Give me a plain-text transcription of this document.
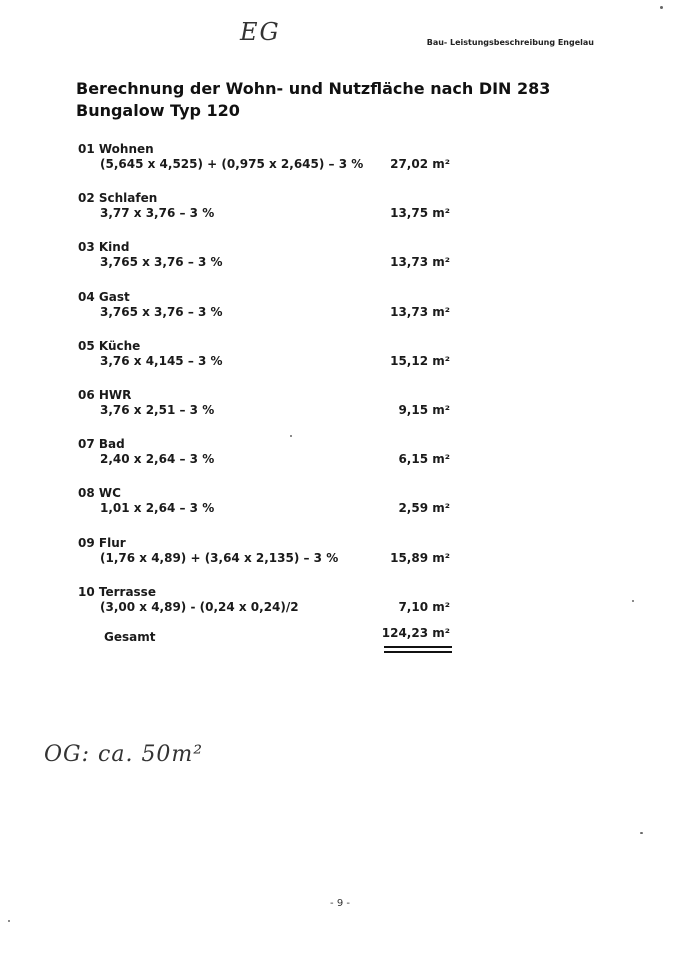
EG	Bau- Leistungsbeschreibung Engelau
Berechnung der Wohn- und Nutzfläche nach DIN 283
Bungalow Typ 120
01 Wohnen
(5,645 x 4,525) + (0,975 x 2,645) – 3 % 27,02 m²
02 Schlafen
3,77 x 3,76 – 3 %	13,75 m²
03 Kind
3,765 x 3,76 – 3 %	13,73 m²
04 Gast
3,765 x 3,76 – 3 %	13,73 m²
05 Küche
3,76 x 4,145 – 3 %	15,12 m²
06 HWR
3,76 x 2,51 – 3 %	9,15 m²
07 Bad
2,40 x 2,64 – 3 %	6,15 m²
08 WC
1,01 x 2,64 – 3 %	2,59 m²
09 Flur
(1,76 x 4,89) + (3,64 x 2,135) – 3 %	15,89 m²
10 Terrasse
(3,00 x 4,89) - (0,24 x 0,24)/2	7,10 m²
Gesamt	124,23 m²
OG: ca. 50m²
- 9 -
